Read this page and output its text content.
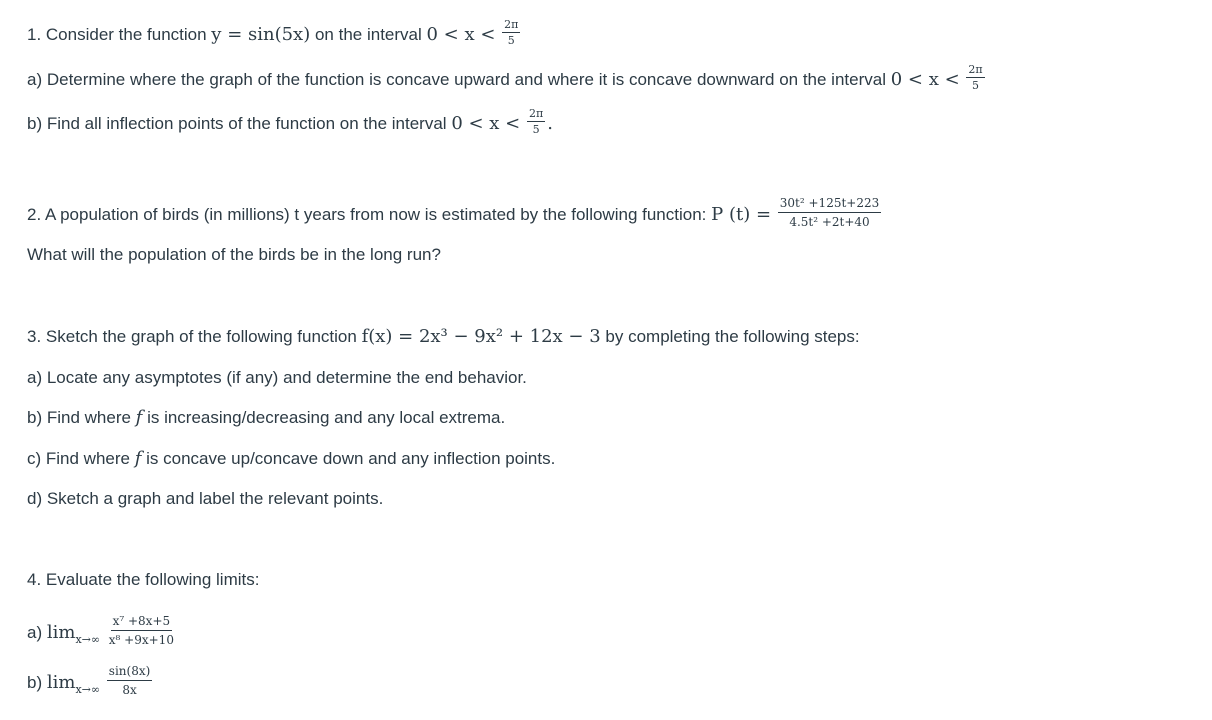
1. Consider the function y = sin(5x) on the interval $0 < x < \frac{2\pi}{5}$
a) Determine where the graph of the function is concave upward and where it is concave downward on the interval $0 < x < \frac{2\pi}{5}$
b) Find all inflection points of the function on the interval $0 < x < \frac{2\pi}{5}$ .
2. A population of birds (in millions) t years from now is estimated by the following function: P $(t) = \frac{\text{30t² +125t+223}}{\text{4.5t² +2t+40}}$
What will the population of the birds be in the long run?
3. Sketch the graph of the following function f(x) = 2x³ − 9x² + 12x − 3 by completing the following steps:
a) Locate any asymptotes (if any) and determine the end behavior.
b) Find where f is increasing/decreasing and any local extrema.
c) Find where f is concave up/concave down and any inflection points.
d) Sketch a graph and label the relevant points.
4. Evaluate the following limits:
a) $\lim_{x\to\infty} \frac{\text{x⁷ +8x+5}}{\text{x⁸ +9x+10}}$
b) $\lim_{x\to\infty} \frac{\sin(8x)}{8x}$
